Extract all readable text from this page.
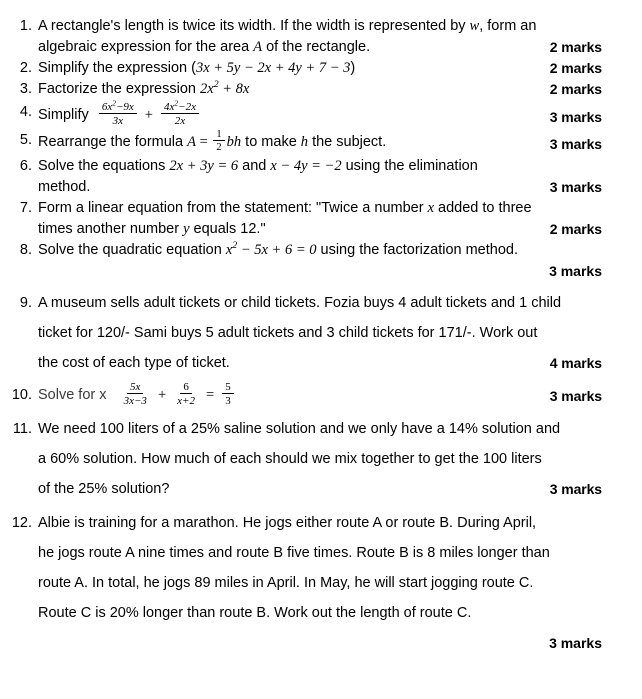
1. A rectangle's length is twice its width. If the width is represented by w, form an
algebraic expression for the area A of the rectangle.	2 marks
2. Simplify the expression (3x + 5y − 2x + 4y + 7 − 3)	2 marks
3. Factorize the expression $2x^2 + 8x$	2 marks
4. Simplify $\frac{6x^2-9x}{3x} + \frac{4x^2-2x}{2x}$	3 marks
5. Rearrange the formula $A = \frac{1}{2}$ bh to make h the subject.	3 marks
6. Solve the equations 2x + 3y = 6 and x − 4y = −2 using the elimination
method.	3 marks
7. Form a linear equation from the statement: "Twice a number x added to three
times another number y equals 12."	2 marks
8. Solve the quadratic equation $x^2 - 5x + 6 = 0$ using the factorization method.
3 marks
9. A museum sells adult tickets or child tickets. Fozia buys 4 adult tickets and 1 child
ticket for 120/- Sami buys 5 adult tickets and 3 child tickets for 171/-. Work out
the cost of each type of ticket.	4 marks
10. Solve for x $\frac{5x}{3x-3} + \frac{6}{x+2} = \frac{5}{3}$	3 marks
11. We need 100 liters of a 25% saline solution and we only have a 14% solution and
a 60% solution. How much of each should we mix together to get the 100 liters
of the 25% solution?	3 marks
12. Albie is training for a marathon. He jogs either route A or route B. During April,
he jogs route A nine times and route B five times. Route B is 8 miles longer than
route A. In total, he jogs 89 miles in April. In May, he will start jogging route C.
Route C is 20% longer than route B. Work out the length of route C.
3 marks
